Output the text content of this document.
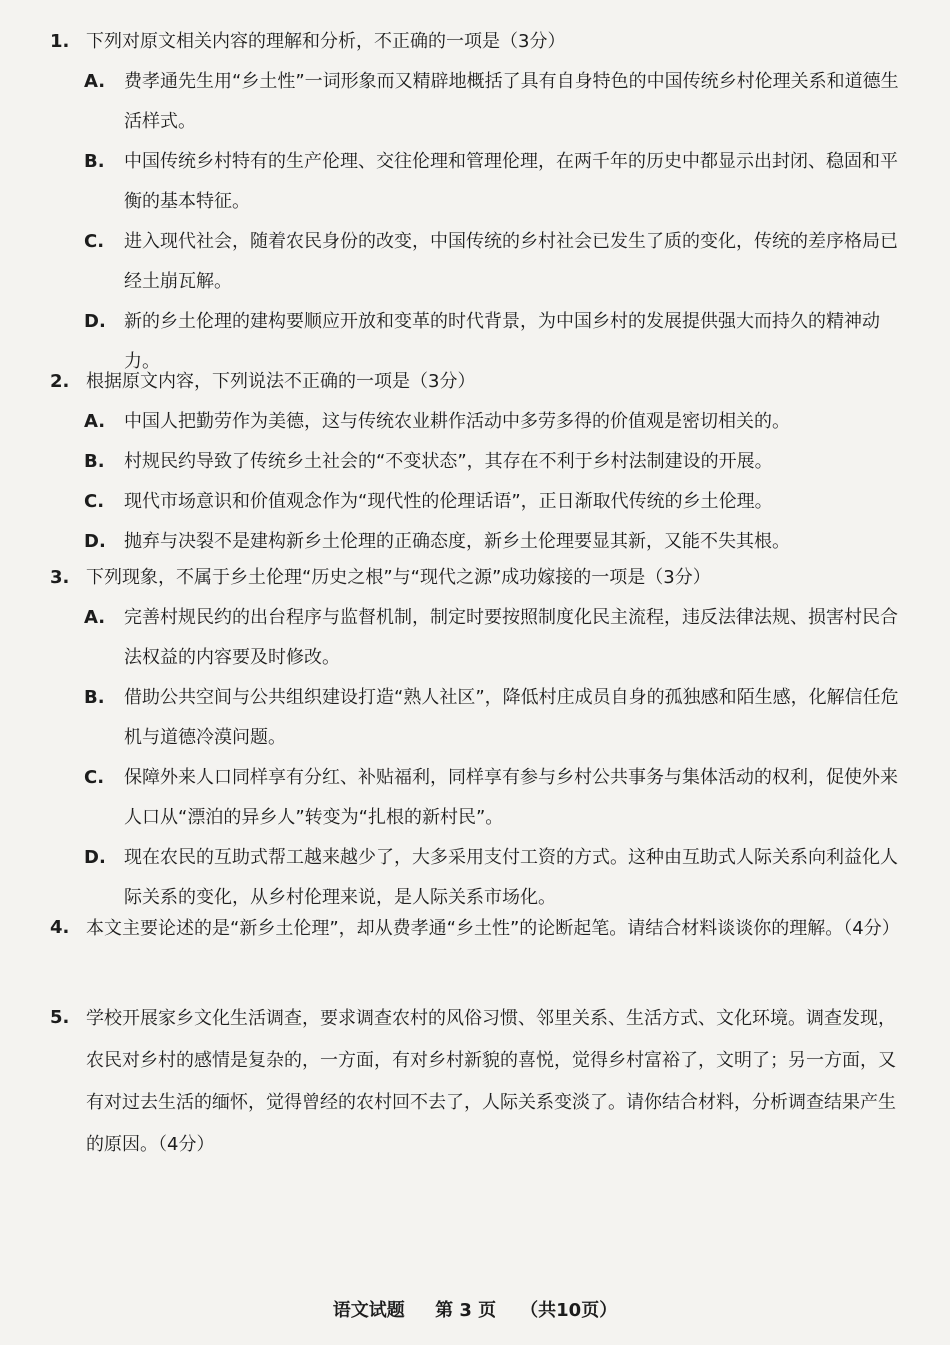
1. 下列对原文相关内容的理解和分析，不正确的一项是（3分）
A.	费孝通先生用“乡土性”一词形象而又精辟地概括了具有自身特色的中国传统乡村伦理关系和道德生活样式。
B.	中国传统乡村特有的生产伦理、交往伦理和管理伦理，在两千年的历史中都显示出封闭、稳固和平衡的基本特征。
C.	进入现代社会，随着农民身份的改变，中国传统的乡村社会已发生了质的变化，传统的差序格局已经土崩瓦解。
D.	新的乡土伦理的建构要顺应开放和变革的时代背景，为中国乡村的发展提供强大而持久的精神动力。
2. 根据原文内容，下列说法不正确的一项是（3分）
A.	中国人把勤劳作为美德，这与传统农业耕作活动中多劳多得的价值观是密切相关的。
B.	村规民约导致了传统乡土社会的“不变状态”，其存在不利于乡村法制建设的开展。
C.	现代市场意识和价值观念作为“现代性的伦理话语”，正日渐取代传统的乡土伦理。
D.	抛弃与决裂不是建构新乡土伦理的正确态度，新乡土伦理要显其新，又能不失其根。
3. 下列现象，不属于乡土伦理“历史之根”与“现代之源”成功嫁接的一项是（3分）
A.	完善村规民约的出台程序与监督机制，制定时要按照制度化民主流程，违反法律法规、损害村民合法权益的内容要及时修改。
B.	借助公共空间与公共组织建设打造“熟人社区”，降低村庄成员自身的孤独感和陌生感，化解信任危机与道德冷漠问题。
C.	保障外来人口同样享有分红、补贴福利，同样享有参与乡村公共事务与集体活动的权利，促使外来人口从“漂泊的异乡人”转变为“扎根的新村民”。
D.	现在农民的互助式帮工越来越少了，大多采用支付工资的方式。这种由互助式人际关系向利益化人际关系的变化，从乡村伦理来说，是人际关系市场化。
4. 本文主要论述的是“新乡土伦理”，却从费孝通“乡土性”的论断起笔。请结合材料谈谈你的理解。（4分）
5. 学校开展家乡文化生活调查，要求调查农村的风俗习惯、邻里关系、生活方式、文化环境。调查发现，农民对乡村的感情是复杂的，一方面，有对乡村新貌的喜悦，觉得乡村富裕了，文明了；另一方面，又有对过去生活的缅怀，觉得曾经的农村回不去了，人际关系变淡了。请你结合材料，分析调查结果产生的原因。（4分）
语文试题 第 3 页 （共10页）
